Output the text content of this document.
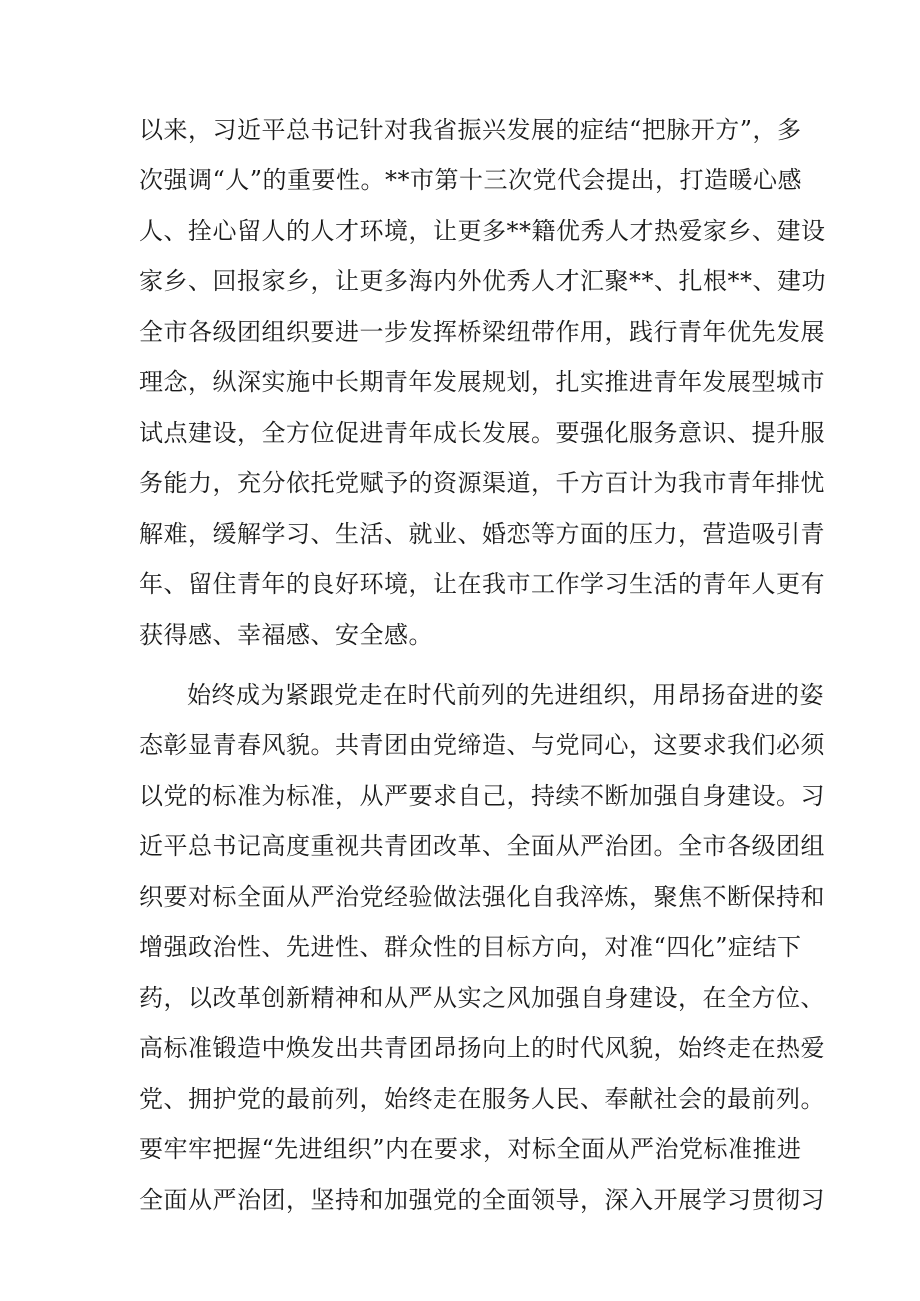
以来，习近平总书记针对我省振兴发展的症结“把脉开方”，多
次强调“人”的重要性。**市第十三次党代会提出，打造暖心感
人、拴心留人的人才环境，让更多**籍优秀人才热爱家乡、建设
家乡、回报家乡，让更多海内外优秀人才汇聚**、扎根**、建功
全市各级团组织要进一步发挥桥梁纽带作用，践行青年优先发展
理念，纵深实施中长期青年发展规划，扎实推进青年发展型城市
试点建设，全方位促进青年成长发展。要强化服务意识、提升服
务能力，充分依托党赋予的资源渠道，千方百计为我市青年排忧
解难，缓解学习、生活、就业、婚恋等方面的压力，营造吸引青
年、留住青年的良好环境，让在我市工作学习生活的青年人更有
获得感、幸福感、安全感。
始终成为紧跟党走在时代前列的先进组织，用昂扬奋进的姿
态彰显青春风貌。共青团由党缔造、与党同心，这要求我们必须
以党的标准为标准，从严要求自己，持续不断加强自身建设。习
近平总书记高度重视共青团改革、全面从严治团。全市各级团组
织要对标全面从严治党经验做法强化自我淬炼，聚焦不断保持和
增强政治性、先进性、群众性的目标方向，对准“四化”症结下
药，以改革创新精神和从严从实之风加强自身建设，在全方位、
高标准锻造中焕发出共青团昂扬向上的时代风貌，始终走在热爱
党、拥护党的最前列，始终走在服务人民、奉献社会的最前列。
要牢牢把握“先进组织”内在要求，对标全面从严治党标准推进
全面从严治团，坚持和加强党的全面领导，深入开展学习贯彻习
